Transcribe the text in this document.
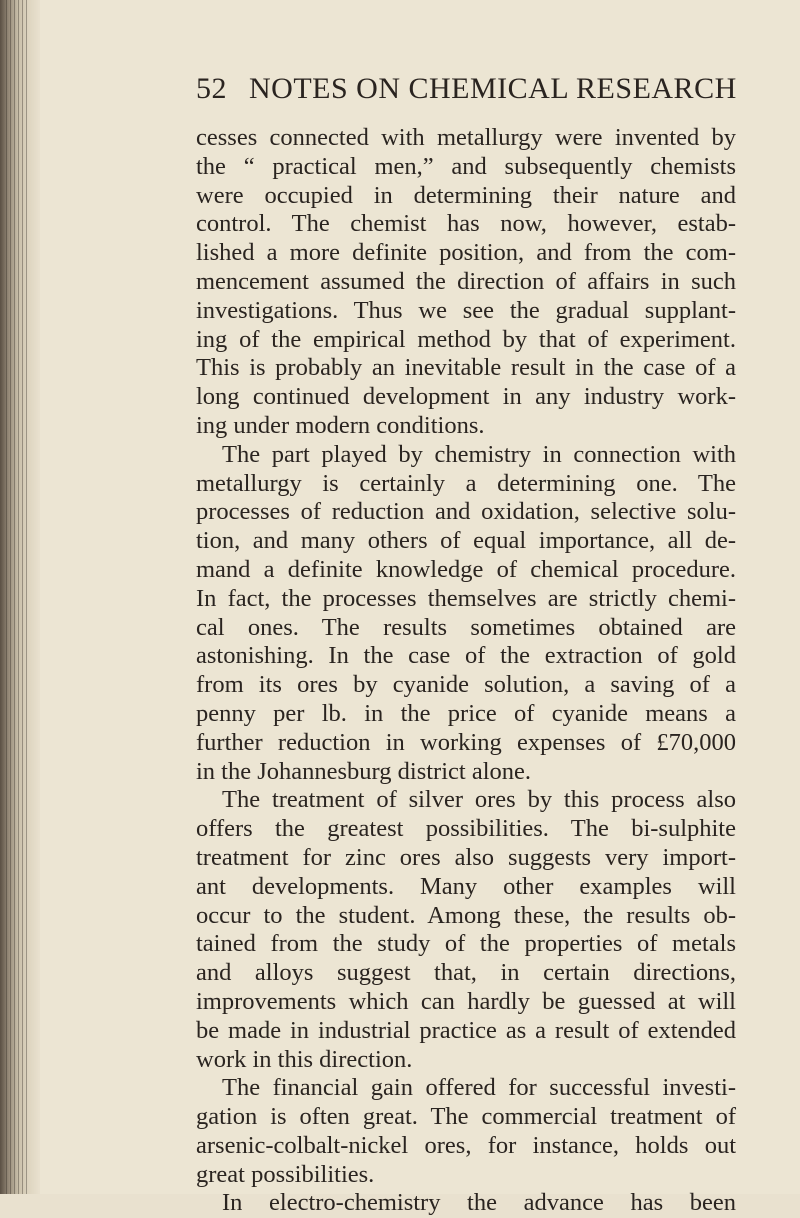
52 NOTES ON CHEMICAL RESEARCH
cesses connected with metallurgy were invented by
the “ practical men,” and subsequently chemists
were occupied in determining their nature and
control. The chemist has now, however, estab-
lished a more definite position, and from the com-
mencement assumed the direction of affairs in such
investigations. Thus we see the gradual supplant-
ing of the empirical method by that of experiment.
This is probably an inevitable result in the case of a
long continued development in any industry work-
ing under modern conditions.
The part played by chemistry in connection with
metallurgy is certainly a determining one. The
processes of reduction and oxidation, selective solu-
tion, and many others of equal importance, all de-
mand a definite knowledge of chemical procedure.
In fact, the processes themselves are strictly chemi-
cal ones. The results sometimes obtained are
astonishing. In the case of the extraction of gold
from its ores by cyanide solution, a saving of a
penny per lb. in the price of cyanide means a
further reduction in working expenses of £70,000
in the Johannesburg district alone.
The treatment of silver ores by this process also
offers the greatest possibilities. The bi-sulphite
treatment for zinc ores also suggests very import-
ant developments. Many other examples will
occur to the student. Among these, the results ob-
tained from the study of the properties of metals
and alloys suggest that, in certain directions,
improvements which can hardly be guessed at will
be made in industrial practice as a result of extended
work in this direction.
The financial gain offered for successful investi-
gation is often great. The commercial treatment of
arsenic-colbalt-nickel ores, for instance, holds out
great possibilities.
In electro-chemistry the advance has been
